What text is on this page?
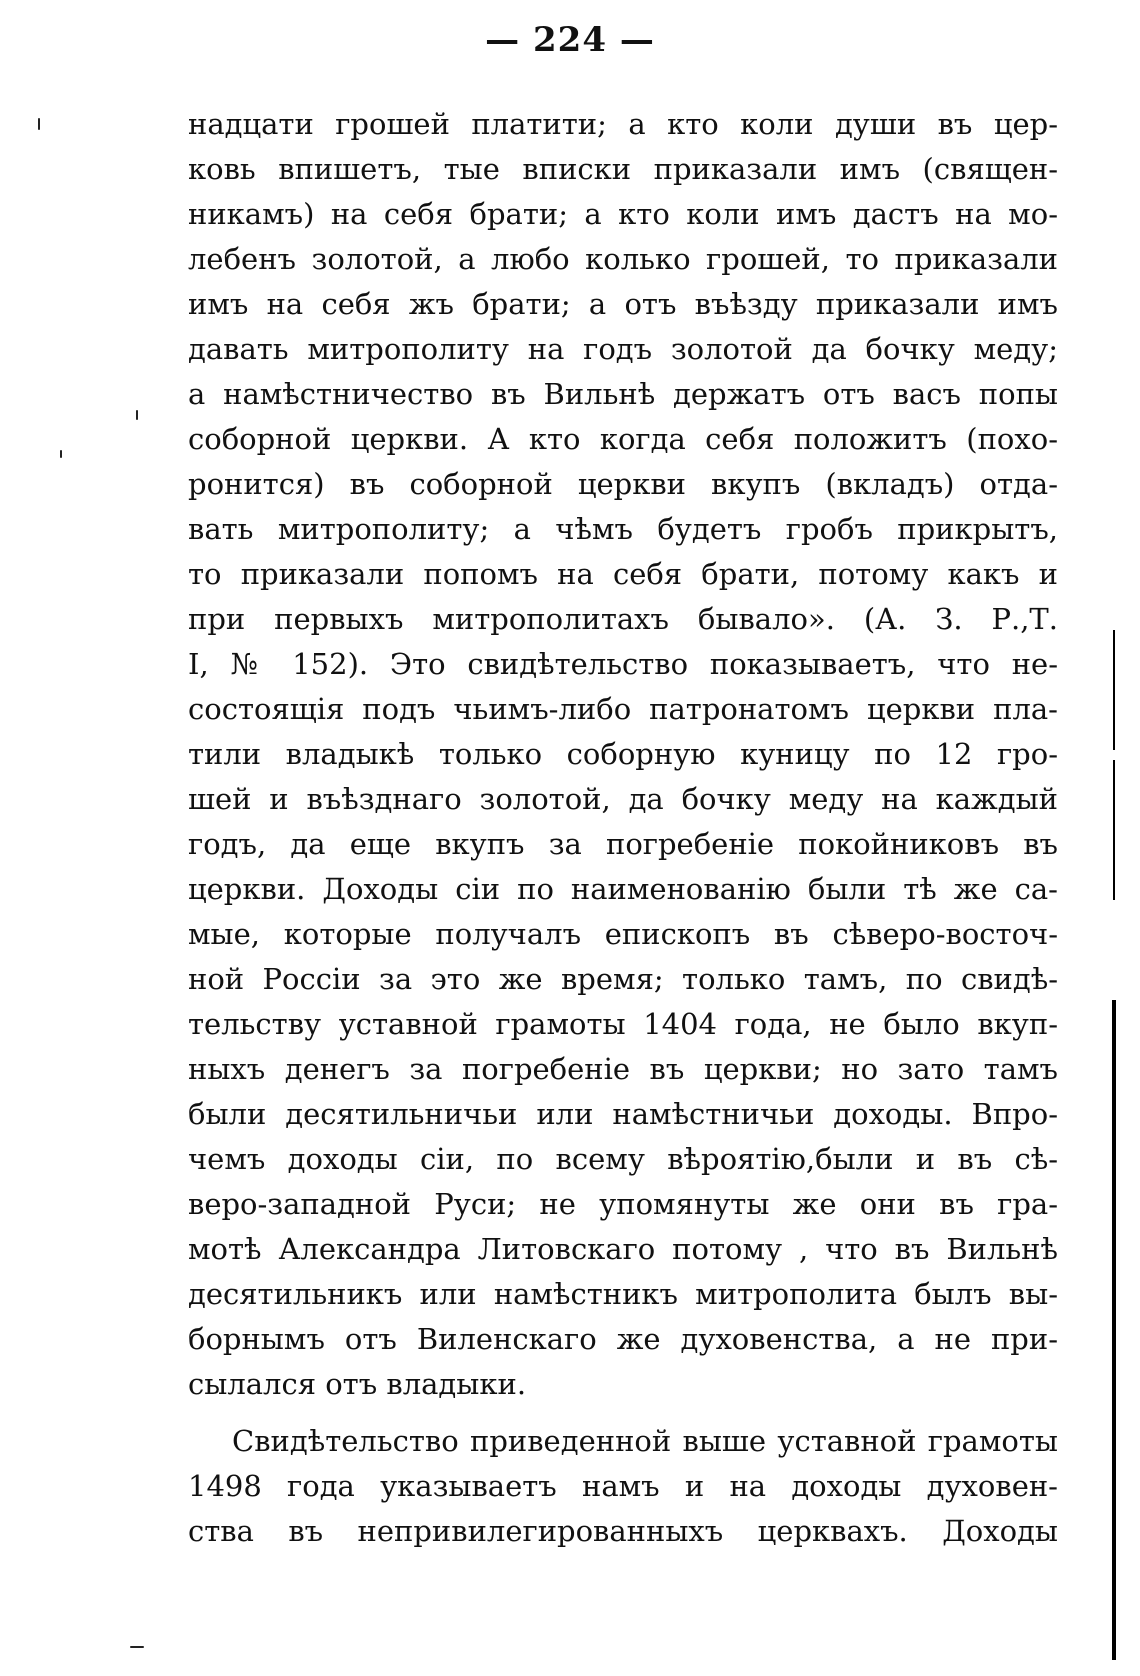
— 224 —
надцати грошей платити; а кто коли души въ цер-
ковь впишетъ, тые вписки приказали имъ (священ-
никамъ) на себя брати; а кто коли имъ дастъ на мо-
лебенъ золотой, а любо колько грошей, то приказали
имъ на себя жъ брати; а отъ въѣзду приказали имъ
давать митрополиту на годъ золотой да бочку меду;
а намѣстничество въ Вильнѣ держатъ отъ васъ попы
соборной церкви. А кто когда себя положитъ (похо-
ронится) въ соборной церкви вкупъ (вкладъ) отда-
вать митрополиту; а чѣмъ будетъ гробъ прикрытъ,
то приказали попомъ на себя брати, потому какъ и
при первыхъ митрополитахъ бывало». (А. З. Р.,Т.
I, № 152). Это свидѣтельство показываетъ, что не-
состоящія подъ чьимъ-либо патронатомъ церкви пла-
тили владыкѣ только соборную куницу по 12 гро-
шей и въѣзднаго золотой, да бочку меду на каждый
годъ, да еще вкупъ за погребеніе покойниковъ въ
церкви. Доходы сіи по наименованію были тѣ же са-
мые, которые получалъ епископъ въ сѣверо-восточ-
ной Россіи за это же время; только тамъ, по свидѣ-
тельству уставной грамоты 1404 года, не было вкуп-
ныхъ денегъ за погребеніе въ церкви; но зато тамъ
были десятильничьи или намѣстничьи доходы. Впро-
чемъ доходы сіи, по всему вѣроятію,были и въ сѣ-
веро-западной Руси; не упомянуты же они въ гра-
мотѣ Александра Литовскаго потому , что въ Вильнѣ
десятильникъ или намѣстникъ митрополита былъ вы-
борнымъ отъ Виленскаго же духовенства, а не при-
сылался отъ владыки.
Свидѣтельство приведенной выше уставной грамоты
1498 года указываетъ намъ и на доходы духовен-
ства въ непривилегированныхъ церквахъ. Доходы
